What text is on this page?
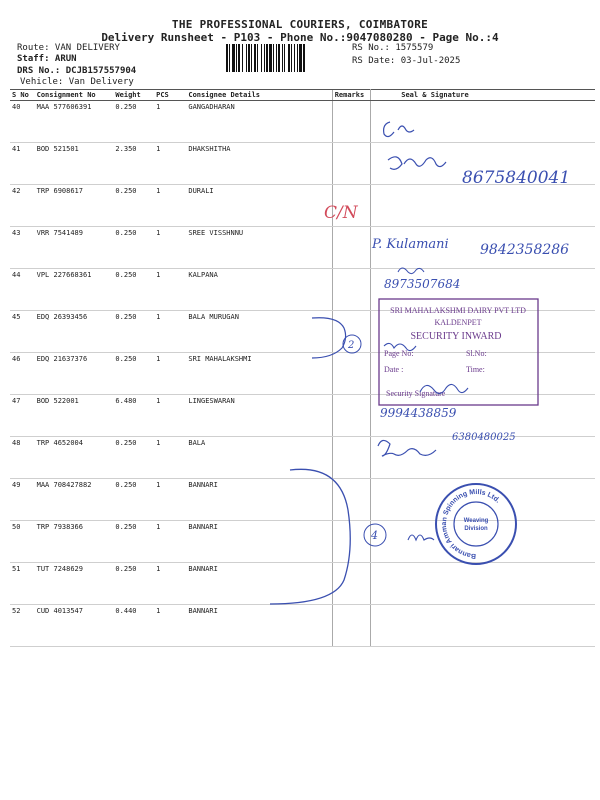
THE PROFESSIONAL COURIERS, COIMBATORE
Delivery Runsheet - P103 - Phone No.:9047080280 - Page No.:4
Route: VAN DELIVERY
Staff: ARUN
DRS No.: DCJB157557904
Vehicle: Van Delivery
RS No.: 1575579
RS Date: 03-Jul-2025
S No	Consignment No	Weight	PCS	Consignee Details	Remarks	Seal & Signature
40	MAA 577606391	0.250	1	GANGADHARAN		
41	BOD 521501	2.350	1	DHAKSHITHA		
42	TRP 6908617	0.250	1	DURALI		
43	VRR 7541489	0.250	1	SREE VISSHNNU		
44	VPL 227668361	0.250	1	KALPANA		
45	EDQ 26393456	0.250	1	BALA MURUGAN		
46	EDQ 21637376	0.250	1	SRI MAHALAKSHMI		
47	BOD 522001	6.480	1	LINGESWARAN		
48	TRP 4652004	0.250	1	BALA		
49	MAA 708427882	0.250	1	BANNARI		
50	TRP 7938366	0.250	1	BANNARI		
51	TUT 7248629	0.250	1	BANNARI		
52	CUD 4013547	0.440	1	BANNARI		
8675840041
C/N
P. Kulamani 9842358286
8973507684
2
SRI MAHALAKSHMI DAIRY PVT LTD
KALDENPET
SECURITY INWARD
Page No:	Sl.No:
Date :	Time:
Security Signature
9994438859
6380480025
4
Bannari Amman Spinning Mills Ltd.
Weaving
Division
